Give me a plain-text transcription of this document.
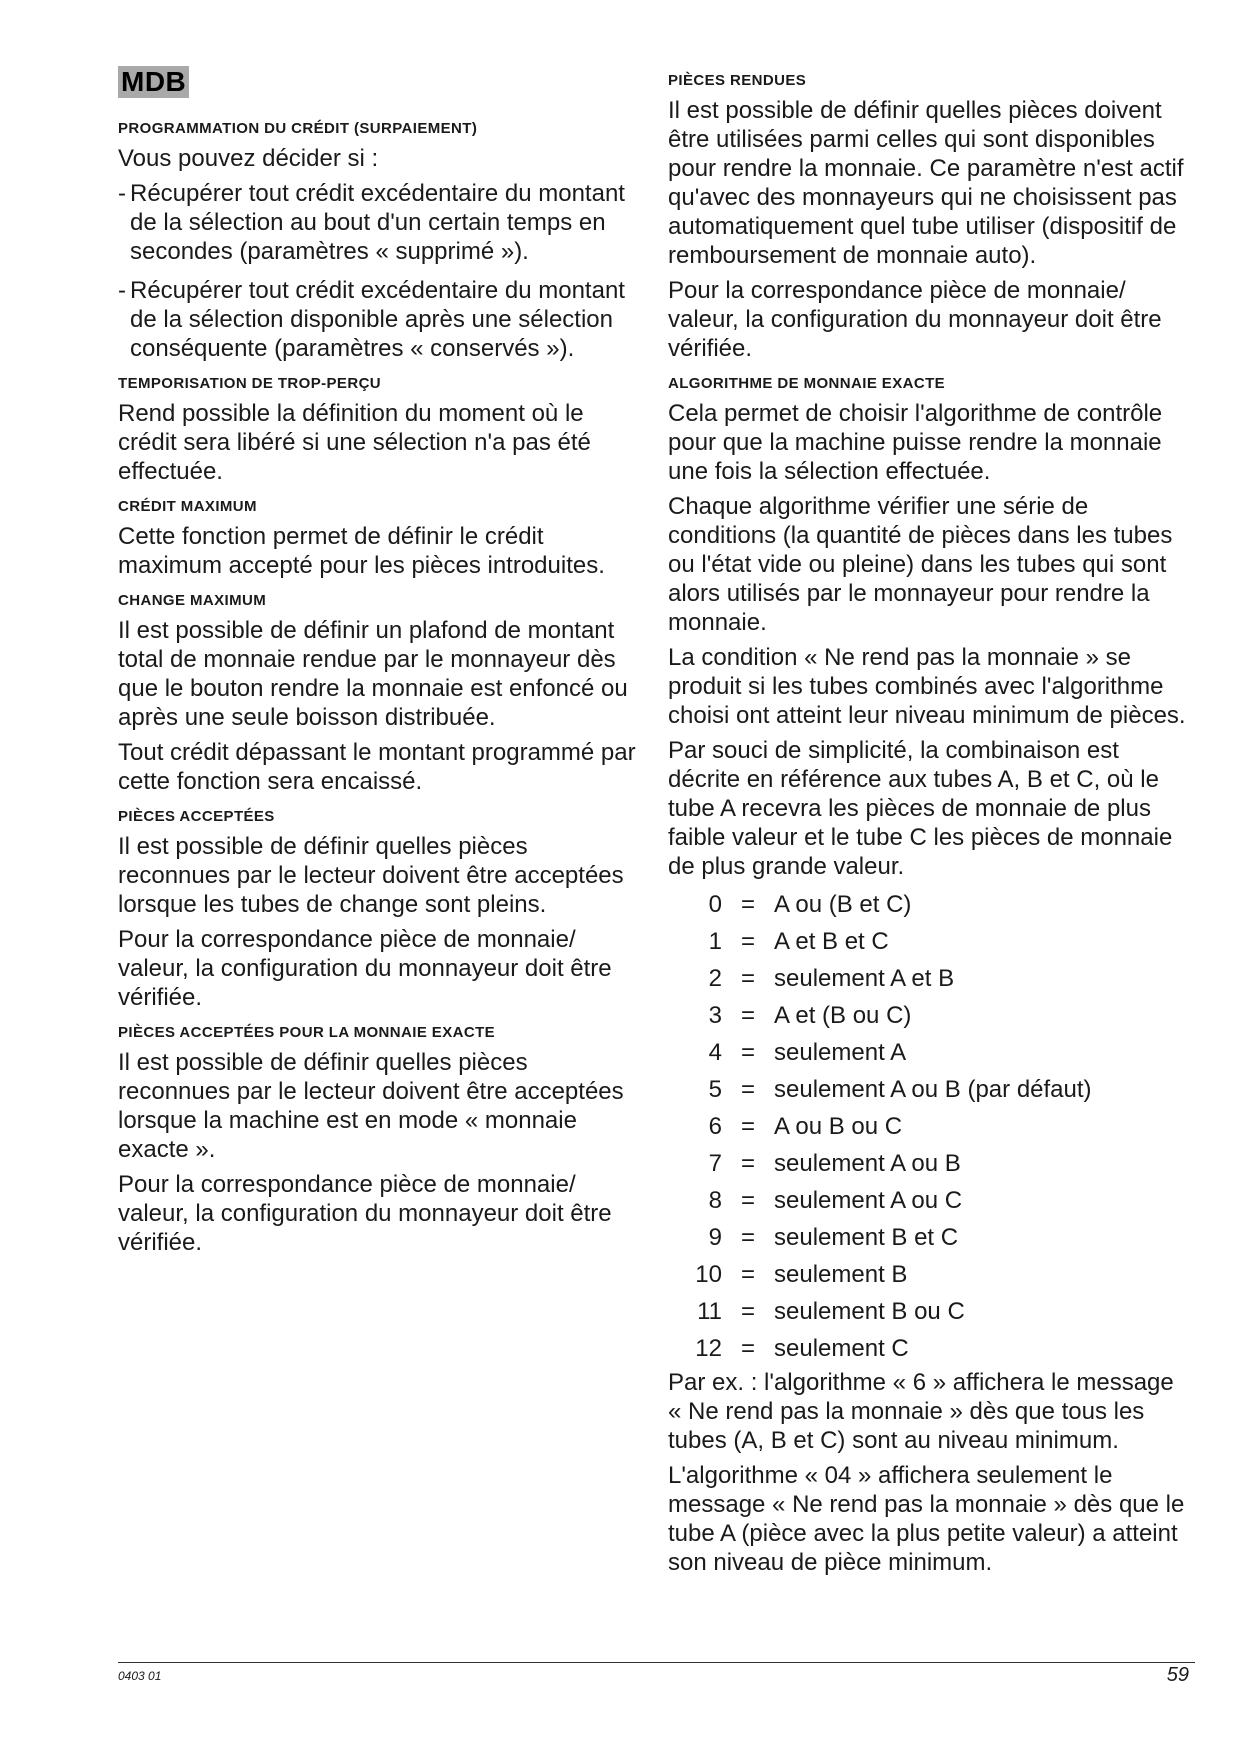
MDB
PROGRAMMATION DU CRÉDIT (SURPAIEMENT)
Vous pouvez décider si :
- Récupérer tout crédit excédentaire du montant de la sélection au bout d'un certain temps en secondes (paramètres « supprimé »).
- Récupérer tout crédit excédentaire du montant de la sélection disponible après une sélection conséquente (paramètres « conservés »).
TEMPORISATION DE TROP-PERÇU
Rend possible la définition du moment où le crédit sera libéré si une sélection n'a pas été effectuée.
CRÉDIT MAXIMUM
Cette fonction permet de définir le crédit maximum accepté pour les pièces introduites.
CHANGE MAXIMUM
Il est possible de définir un plafond de montant total de monnaie rendue par le monnayeur dès que le bouton rendre la monnaie est enfoncé ou après une seule boisson distribuée.
Tout crédit dépassant le montant programmé par cette fonction sera encaissé.
PIÈCES ACCEPTÉES
Il est possible de définir quelles pièces reconnues par le lecteur doivent être acceptées lorsque les tubes de change sont pleins.
Pour la correspondance pièce de monnaie/ valeur, la configuration du monnayeur doit être vérifiée.
PIÈCES ACCEPTÉES POUR LA MONNAIE EXACTE
Il est possible de définir quelles pièces reconnues par le lecteur doivent être acceptées lorsque la machine est en mode « monnaie exacte ».
Pour la correspondance pièce de monnaie/ valeur, la configuration du monnayeur doit être vérifiée.
PIÈCES RENDUES
Il est possible de définir quelles pièces doivent être utilisées parmi celles qui sont disponibles pour rendre la monnaie. Ce paramètre n'est actif qu'avec des monnayeurs qui ne choisissent pas automatiquement quel tube utiliser (dispositif de remboursement de monnaie auto).
Pour la correspondance pièce de monnaie/ valeur, la configuration du monnayeur doit être vérifiée.
ALGORITHME DE MONNAIE EXACTE
Cela permet de choisir l'algorithme de contrôle pour que la machine puisse rendre la monnaie une fois la sélection effectuée.
Chaque algorithme vérifier une série de conditions (la quantité de pièces dans les tubes ou l'état vide ou pleine) dans les tubes qui sont alors utilisés par le monnayeur pour rendre la monnaie.
La condition « Ne rend pas la monnaie » se produit si les tubes combinés avec l'algorithme choisi ont atteint leur niveau minimum de pièces.
Par souci de simplicité, la combinaison est décrite en référence aux tubes A, B et C, où le tube A recevra les pièces de monnaie de plus faible valeur et le tube C les pièces de monnaie de plus grande valeur.
0 = A ou (B et C)
1 = A et B et C
2 = seulement A et B
3 = A et (B ou C)
4 = seulement A
5 = seulement A ou B (par défaut)
6 = A ou B ou C
7 = seulement A ou B
8 = seulement A ou C
9 = seulement B et C
10 = seulement B
11 = seulement B ou C
12 = seulement C
Par ex. : l'algorithme « 6 » affichera le message « Ne rend pas la monnaie » dès que tous les tubes (A, B et C) sont au niveau minimum.
L'algorithme « 04 » affichera seulement le message « Ne rend pas la monnaie » dès que le tube A (pièce avec la plus petite valeur) a atteint son niveau de pièce minimum.
0403 01	59
